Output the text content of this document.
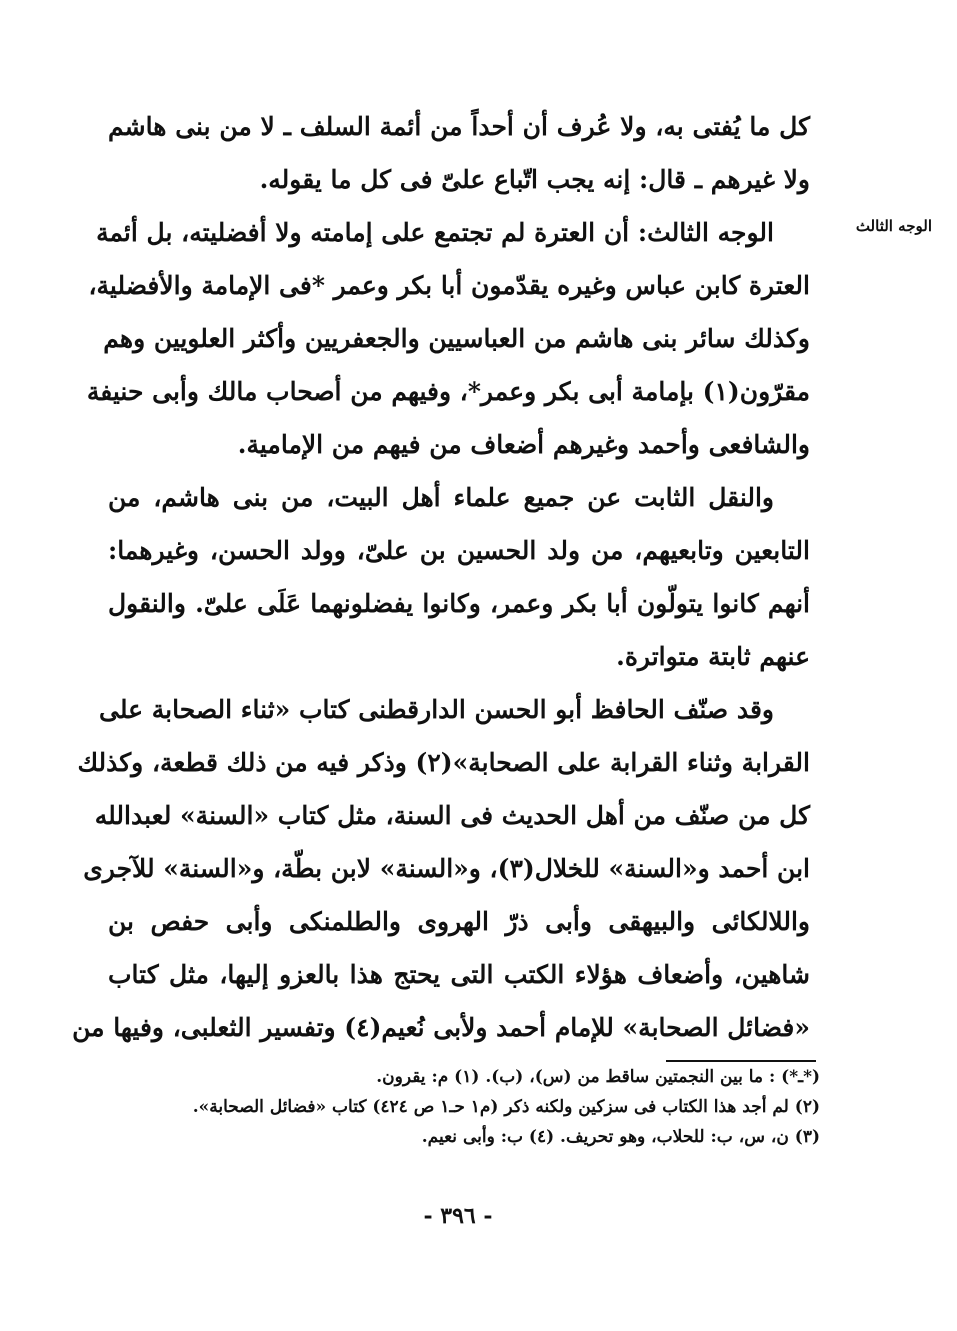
الوجه الثالث
كل ما يُفتى به، ولا عُرف أن أحداً من أئمة السلف ـ لا من بنى هاشم
ولا غيرهم ـ قال: إنه يجب اتّباع علىّ فى كل ما يقوله.
الوجه الثالث: أن العترة لم تجتمع على إمامته ولا أفضليته، بل أئمة
العترة كابن عباس وغيره يقدّمون أبا بكر وعمر *فى الإمامة والأفضلية،
وكذلك سائر بنى هاشم من العباسيين والجعفريين وأكثر العلويين وهم
مقرّون(١) بإمامة أبى بكر وعمر*، وفيهم من أصحاب مالك وأبى حنيفة
والشافعى وأحمد وغيرهم أضعاف من فيهم من الإمامية.
والنقل الثابت عن جميع علماء أهل البيت، من بنى هاشم، من
التابعين وتابعيهم، من ولد الحسين بن علىّ، وولد الحسن، وغيرهما:
أنهم كانوا يتولّون أبا بكر وعمر، وكانوا يفضلونهما عَلَى علىّ. والنقول
عنهم ثابتة متواترة.
وقد صنّف الحافظ أبو الحسن الدارقطنى كتاب «ثناء الصحابة على
القرابة وثناء القرابة على الصحابة»(٢) وذكر فيه من ذلك قطعة، وكذلك
كل من صنّف من أهل الحديث فى السنة، مثل كتاب «السنة» لعبدالله
ابن أحمد و«السنة» للخلال(٣)، و«السنة» لابن بطّة، و«السنة» للآجرى
واللالكائى والبيهقى وأبى ذرّ الهروى والطلمنكى وأبى حفص بن
شاهين، وأضعاف هؤلاء الكتب التى يحتج هذا بالعزو إليها، مثل كتاب
«فضائل الصحابة» للإمام أحمد ولأبى نُعيم(٤) وتفسير الثعلبى، وفيها من
(*ـ*) : ما بين النجمتين ساقط من (س)، (ب). (١) م: يقرون.
(٢) لم أجد هذا الكتاب فى سزكين ولكنه ذكر (م١ حـ١ ص ٤٢٤) كتاب «فضائل الصحابة».
(٣) ن، س، ب: للحلاب، وهو تحريف. (٤) ب: وأبى نعيم.
- ٣٩٦ -
